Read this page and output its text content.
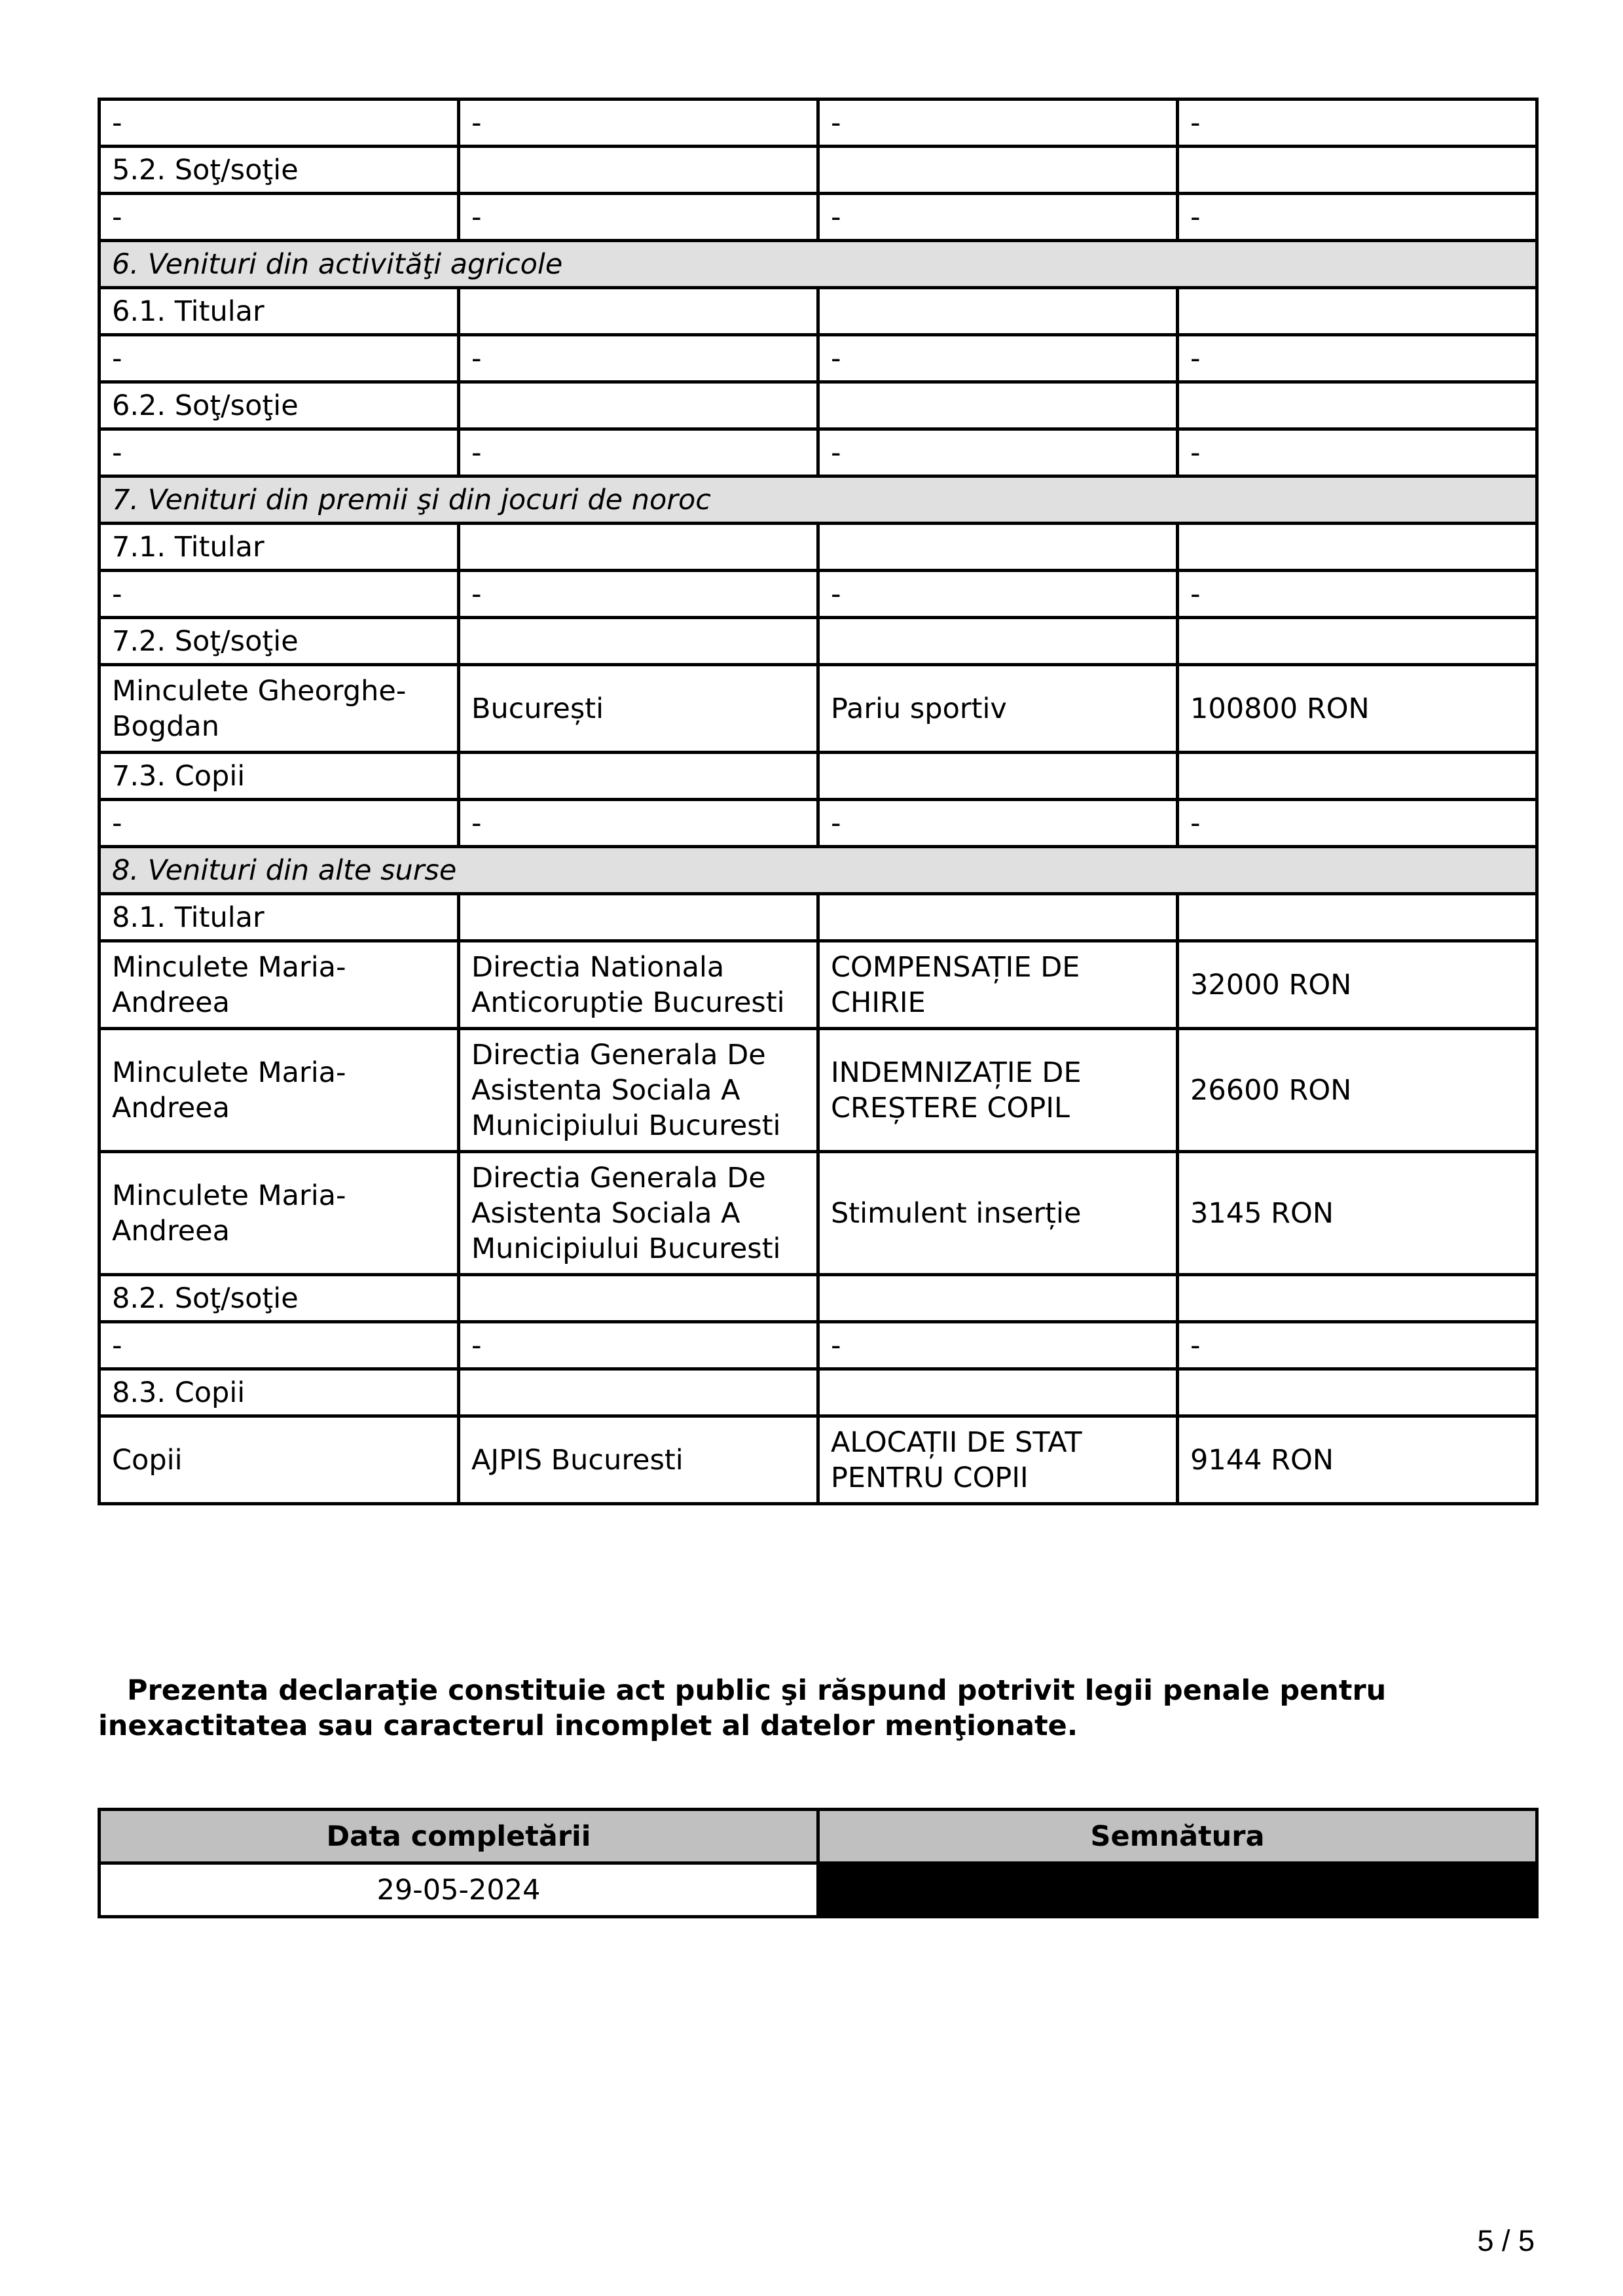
-	-	-	-
5.2. Soţ/soţie			
-	-	-	-
6. Venituri din activităţi agricole			
6.1. Titular			
-	-	-	-
6.2. Soţ/soţie			
-	-	-	-
7. Venituri din premii şi din jocuri de noroc			
7.1. Titular			
-	-	-	-
7.2. Soţ/soţie			
Minculete Gheorghe-Bogdan	București	Pariu sportiv	100800 RON
7.3. Copii			
-	-	-	-
8. Venituri din alte surse			
8.1. Titular			
Minculete Maria-Andreea	Directia Nationala Anticoruptie Bucuresti	COMPENSAȚIE DE CHIRIE	32000 RON
Minculete Maria-Andreea	Directia Generala De Asistenta Sociala A Municipiului Bucuresti	INDEMNIZAȚIE DE CREȘTERE COPIL	26600 RON
Minculete Maria-Andreea	Directia Generala De Asistenta Sociala A Municipiului Bucuresti	Stimulent inserție	3145 RON
8.2. Soţ/soţie			
-	-	-	-
8.3. Copii			
Copii	AJPIS Bucuresti	ALOCAȚII DE STAT PENTRU COPII	9144 RON
Prezenta declaraţie constituie act public şi răspund potrivit legii penale pentru inexactitatea sau caracterul incomplet al datelor menţionate.
Data completării	Semnătura
29-05-2024	
5 / 5
